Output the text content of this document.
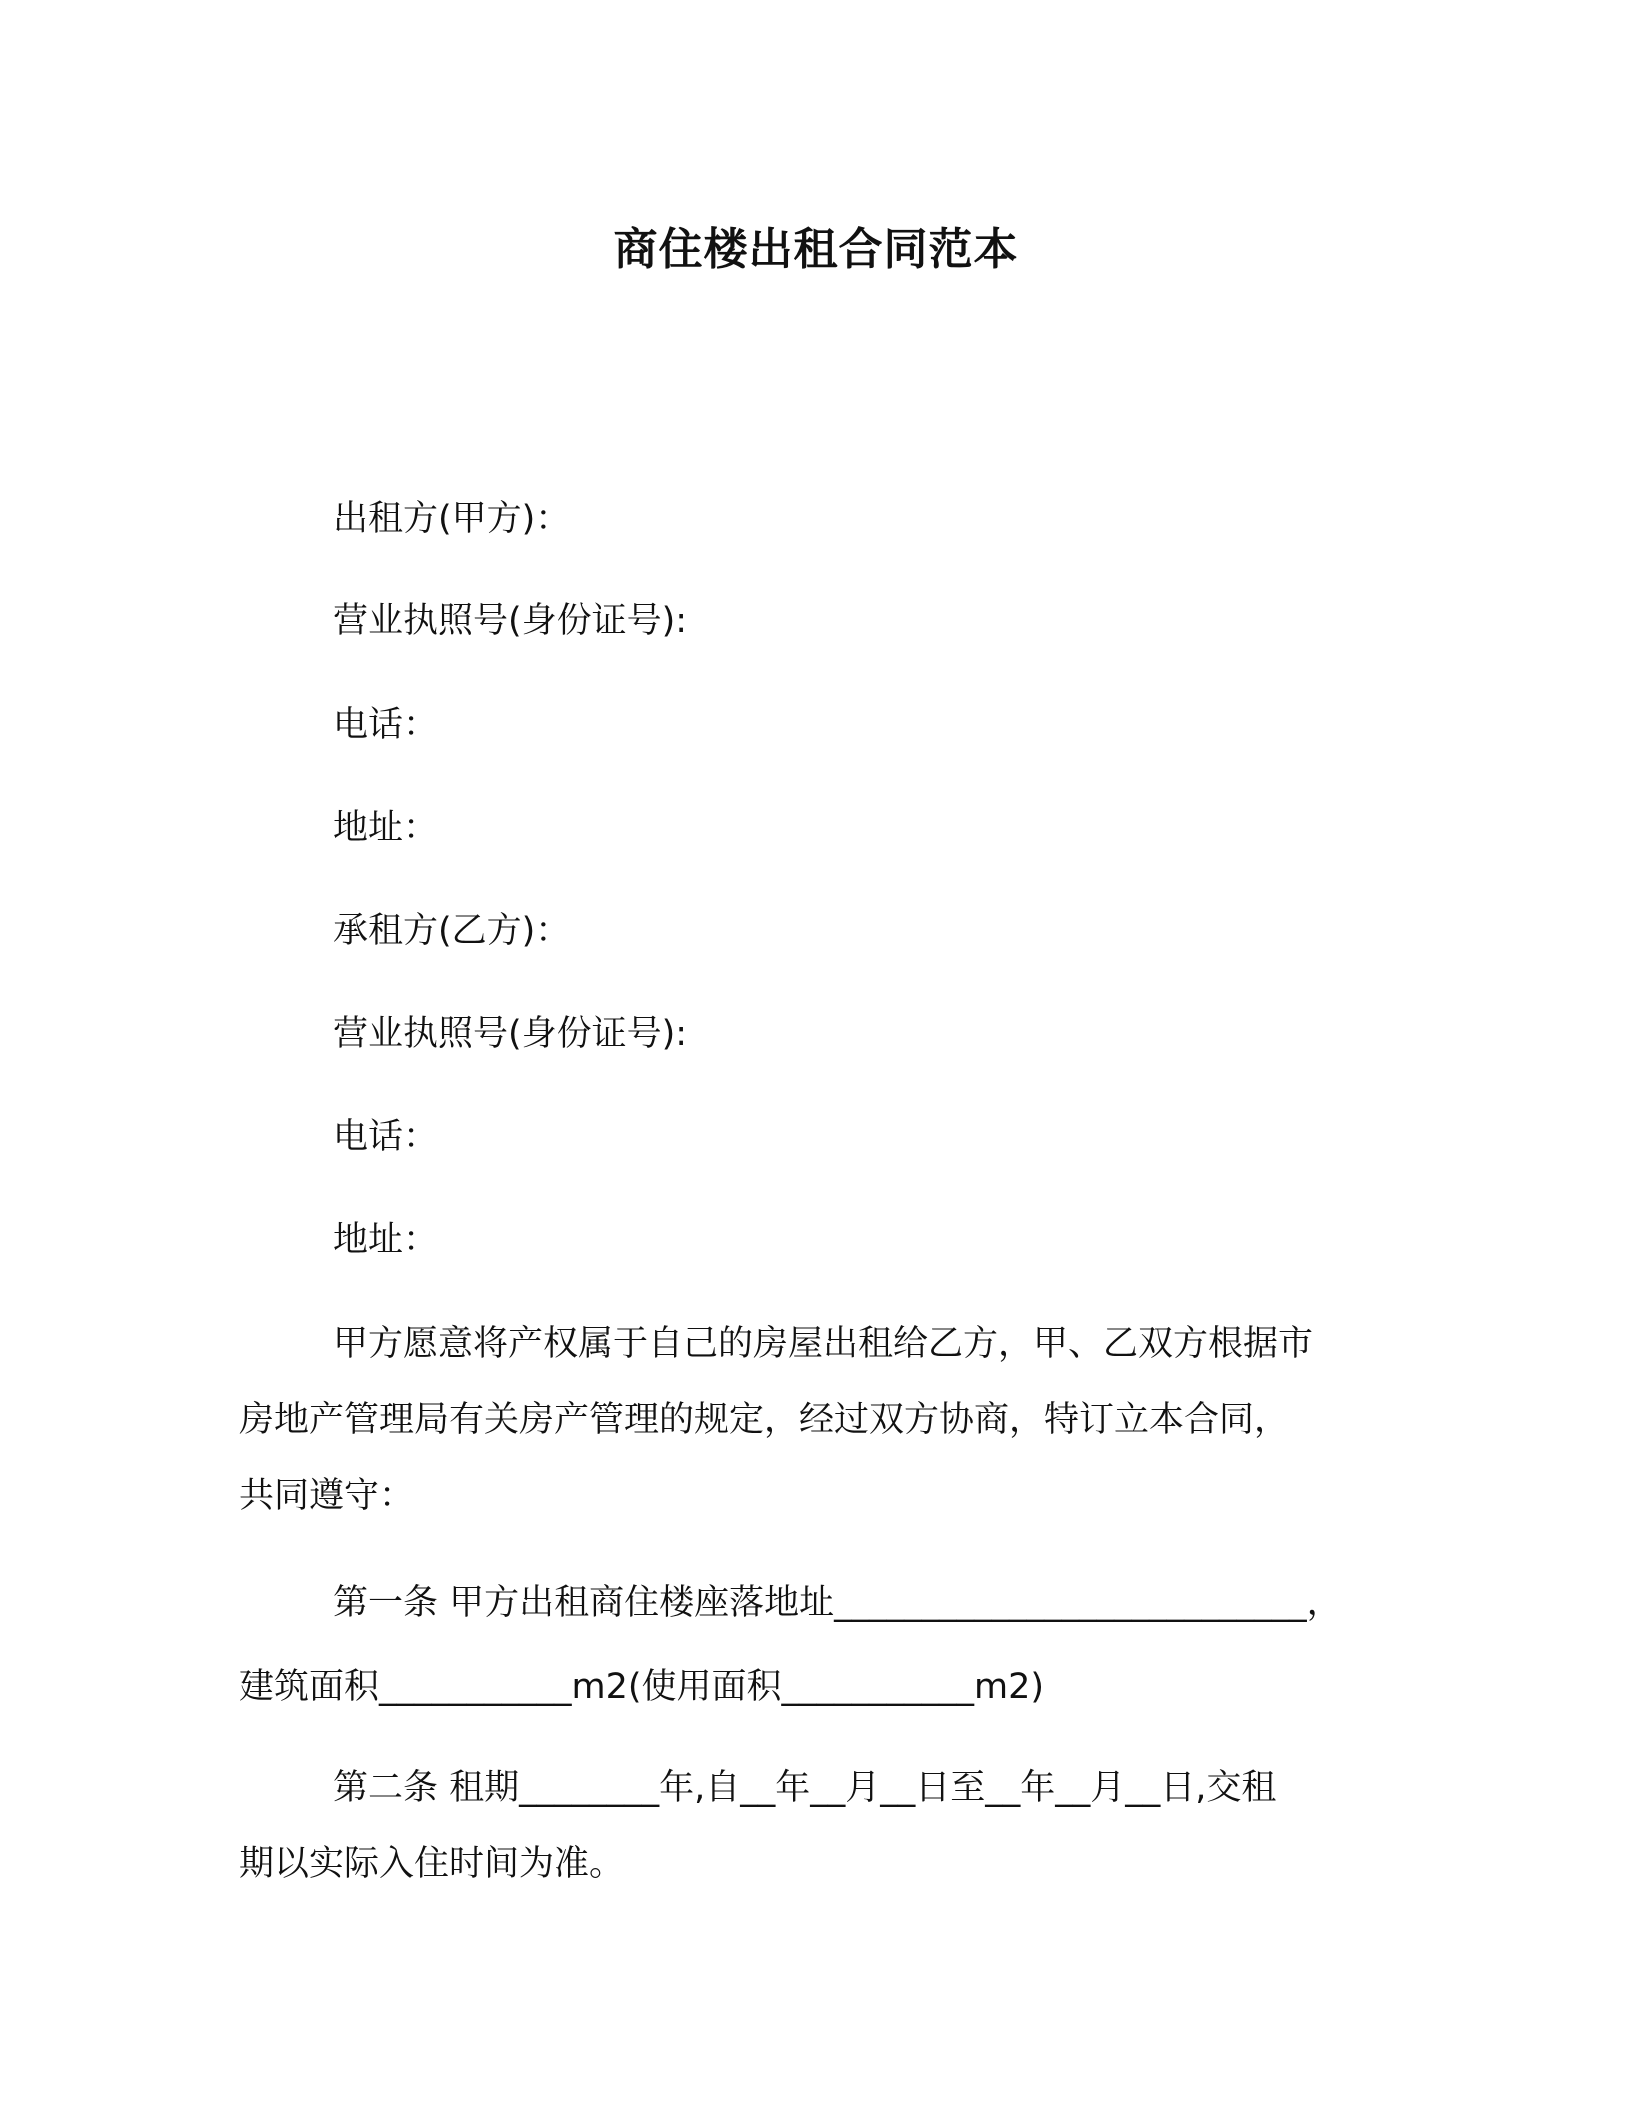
商住楼出租合同范本
出租方(甲方)：
营业执照号(身份证号):
电话：
地址：
承租方(乙方)：
营业执照号(身份证号):
电话：
地址：
甲方愿意将产权属于自己的房屋出租给乙方，甲、乙双方根据市
房地产管理局有关房产管理的规定，经过双方协商，特订立本合同，
共同遵守：
第一条 甲方出租商住楼座落地址___________________________，
建筑面积___________m2(使用面积___________m2)
第二条 租期________年,自__年__月__日至__年__月__日,交租
期以实际入住时间为准。
